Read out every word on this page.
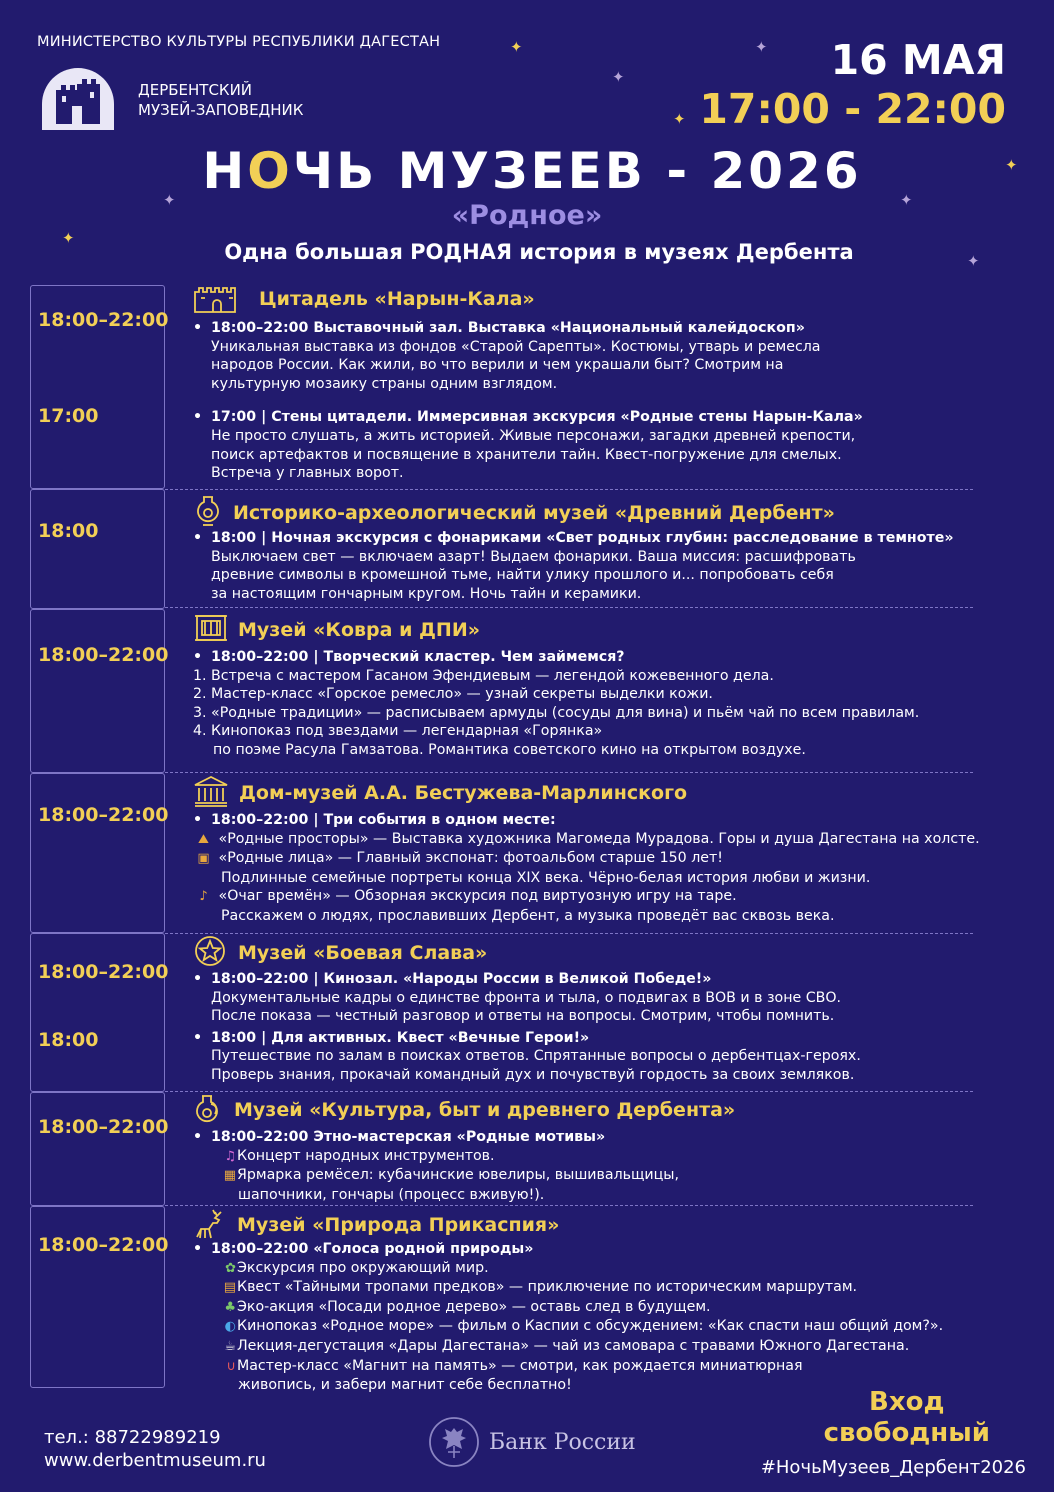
✦	✦
✦
✦
✦
✦	✦
✦
✦
МИНИСТЕРСТВО КУЛЬТУРЫ РЕСПУБЛИКИ ДАГЕСТАН
ДЕРБЕНТСКИЙ
МУЗЕЙ-ЗАПОВЕДНИК
16 МАЯ
17:00 - 22:00
НОЧЬ МУЗЕЕВ - 2026
«Родное»
Одна большая РОДНАЯ история в музеях Дербента
18:00–22:00
17:00
18:00
18:00–22:00
18:00–22:00
18:00–22:00
18:00
18:00–22:00
18:00–22:00
Цитадель «Нарын-Кала»
• 18:00–22:00 Выставочный зал. Выставка «Национальный калейдоскоп»
Уникальная выставка из фондов «Старой Сарепты». Костюмы, утварь и ремесла
народов России. Как жили, во что верили и чем украшали быт? Смотрим на
культурную мозаику страны одним взглядом.
• 17:00 | Стены цитадели. Иммерсивная экскурсия «Родные стены Нарын-Кала»
Не просто слушать, а жить историей. Живые персонажи, загадки древней крепости,
поиск артефактов и посвящение в хранители тайн. Квест-погружение для смелых.
Встреча у главных ворот.
Историко-археологический музей «Древний Дербент»
• 18:00 | Ночная экскурсия с фонариками «Свет родных глубин: расследование в темноте»
Выключаем свет — включаем азарт! Выдаем фонарики. Ваша миссия: расшифровать
древние символы в кромешной тьме, найти улику прошлого и... попробовать себя
за настоящим гончарным кругом. Ночь тайн и керамики.
Музей «Ковра и ДПИ»
• 18:00–22:00 | Творческий кластер. Чем займемся?
1. Встреча с мастером Гасаном Эфендиевым — легендой кожевенного дела.
2. Мастер-класс «Горское ремесло» — узнай секреты выделки кожи.
3. «Родные традиции» — расписываем армуды (сосуды для вина) и пьём чай по всем правилам.
4. Кинопоказ под звездами — легендарная «Горянка»
по поэме Расула Гамзатова. Романтика советского кино на открытом воздухе.
Дом-музей А.А. Бестужева-Марлинского
• 18:00–22:00 | Три события в одном месте:
⛰ «Родные просторы» — Выставка художника Магомеда Мурадова. Горы и душа Дагестана на холсте.
▣ «Родные лица» — Главный экспонат: фотоальбом старше 150 лет!
Подлинные семейные портреты конца XIX века. Чёрно-белая история любви и жизни.
♪ «Очаг времён» — Обзорная экскурсия под виртуозную игру на таре.
Расскажем о людях, прославивших Дербент, а музыка проведёт вас сквозь века.
Музей «Боевая Слава»
• 18:00–22:00 | Кинозал. «Народы России в Великой Победе!»
Документальные кадры о единстве фронта и тыла, о подвигах в ВОВ и в зоне СВО.
После показа — честный разговор и ответы на вопросы. Смотрим, чтобы помнить.
• 18:00 | Для активных. Квест «Вечные Герои!»
Путешествие по залам в поисках ответов. Спрятанные вопросы о дербентцах-героях.
Проверь знания, прокачай командный дух и почувствуй гордость за своих земляков.
Музей «Культура, быт и древнего Дербента»
• 18:00–22:00 Этно-мастерская «Родные мотивы»
♫Концерт народных инструментов.
▦Ярмарка ремёсел: кубачинские ювелиры, вышивальщицы,
шапочники, гончары (процесс вживую!).
Музей «Природа Прикаспия»
• 18:00–22:00 «Голоса родной природы»
✿Экскурсия про окружающий мир.
▤Квест «Тайными тропами предков» — приключение по историческим маршрутам.
♣Эко-акция «Посади родное дерево» — оставь след в будущем.
◐Кинопоказ «Родное море» — фильм о Каспии с обсуждением: «Как спасти наш общий дом?».
☕Лекция-дегустация «Дары Дагестана» — чай из самовара с травами Южного Дагестана.
∪Мастер-класс «Магнит на память» — смотри, как рождается миниатюрная
живопись, и забери магнит себе бесплатно!
тел.: 88722989219
www.derbentmuseum.ru
Банк России
Вход
свободный
#НочьМузеев_Дербент2026
